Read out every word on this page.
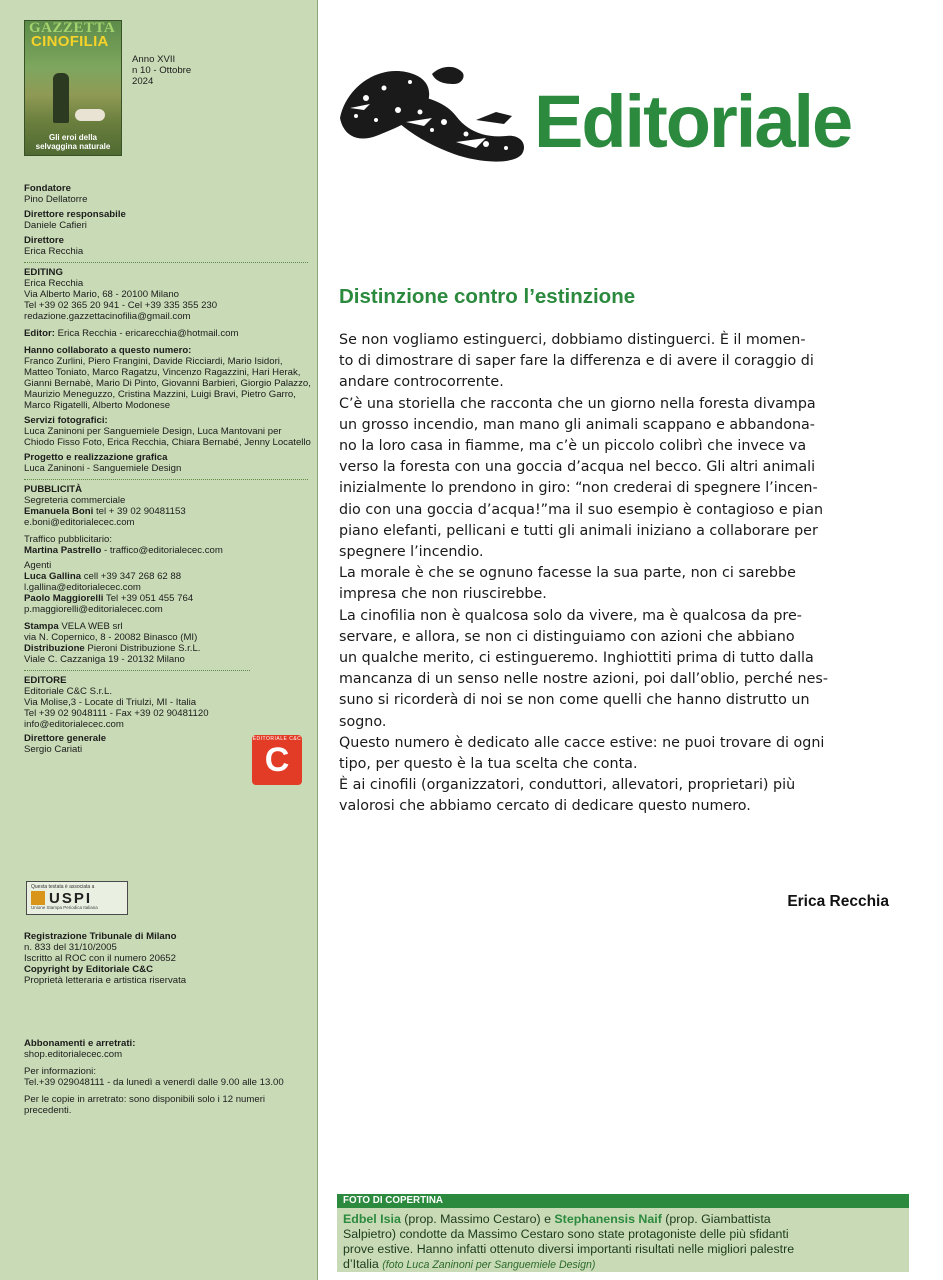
GAZZETTA
CINOFILIA
Gli eroi della
selvaggina naturale
Anno XVII
n 10 - Ottobre
2024
Fondatore
Pino Dellatorre
Direttore responsabile
Daniele Cafieri
Direttore
Erica Recchia
EDITING
Erica Recchia
Via Alberto Mario, 68 - 20100 Milano
Tel +39 02 365 20 941 - Cel +39 335 355 230
redazione.gazzettacinofilia@gmail.com
Editor: Erica Recchia - ericarecchia@hotmail.com
Hanno collaborato a questo numero:
Franco Zurlini, Piero Frangini, Davide Ricciardi, Mario Isidori,
Matteo Toniato, Marco Ragatzu, Vincenzo Ragazzini, Hari Herak,
Gianni Bernabè, Mario Di Pinto, Giovanni Barbieri, Giorgio Palazzo,
Maurizio Meneguzzo, Cristina Mazzini, Luigi Bravi, Pietro Garro,
Marco Rigatelli, Alberto Modonese
Servizi fotografici:
Luca Zaninoni per Sanguemiele Design, Luca Mantovani per
Chiodo Fisso Foto, Erica Recchia, Chiara Bernabé, Jenny Locatello
Progetto e realizzazione grafica
Luca Zaninoni - Sanguemiele Design
PUBBLICITÀ
Segreteria commerciale
Emanuela Boni tel + 39 02 90481153
e.boni@editorialecec.com
Traffico pubblicitario:
Martina Pastrello - traffico@editorialecec.com
Agenti
Luca Gallina cell +39 347 268 62 88
l.gallina@editorialecec.com
Paolo Maggiorelli Tel +39 051 455 764
p.maggiorelli@editorialecec.com
Stampa VELA WEB srl
via N. Copernico, 8 - 20082 Binasco (MI)
Distribuzione Pieroni Distribuzione S.r.L.
Viale C. Cazzaniga 19 - 20132 Milano
EDITORE
Editoriale C&C S.r.L.
Via Molise,3 - Locate di Triulzi, MI - Italia
Tel +39 02 9048111 - Fax +39 02 90481120
info@editorialecec.com
Direttore generale
Sergio Cariati
EDITORIALE C&C
C
Questa testata è associata a
USPI
Unione Stampa Periodica Italiana
Registrazione Tribunale di Milano
n. 833 del 31/10/2005
Iscritto al ROC con il numero 20652
Copyright by Editoriale C&C
Proprietà letteraria e artistica riservata
Abbonamenti e arretrati:
shop.editorialecec.com
Per informazioni:
Tel.+39 029048111 - da lunedì a venerdì dalle 9.00 alle 13.00
Per le copie in arretrato: sono disponibili solo i 12 numeri
precedenti.
Editoriale
Distinzione contro l’estinzione
Se non vogliamo estinguerci, dobbiamo distinguerci. È il momen-
to di dimostrare di saper fare la differenza e di avere il coraggio di
andare controcorrente.
C’è una storiella che racconta che un giorno nella foresta divampa
un grosso incendio, man mano gli animali scappano e abbandona-
no la loro casa in fiamme, ma c’è un piccolo colibrì che invece va
verso la foresta con una goccia d’acqua nel becco. Gli altri animali
inizialmente lo prendono in giro: “non crederai di spegnere l’incen-
dio con una goccia d’acqua!”ma il suo esempio è contagioso e pian
piano elefanti, pellicani e tutti gli animali iniziano a collaborare per
spegnere l’incendio.
La morale è che se ognuno facesse la sua parte, non ci sarebbe
impresa che non riuscirebbe.
La cinofilia non è qualcosa solo da vivere, ma è qualcosa da pre-
servare, e allora, se non ci distinguiamo con azioni che abbiano
un qualche merito, ci estingueremo. Inghiottiti prima di tutto dalla
mancanza di un senso nelle nostre azioni, poi dall’oblio, perché nes-
suno si ricorderà di noi se non come quelli che hanno distrutto un
sogno.
Questo numero è dedicato alle cacce estive: ne puoi trovare di ogni
tipo, per questo è la tua scelta che conta.
È ai cinofili (organizzatori, conduttori, allevatori, proprietari) più
valorosi che abbiamo cercato di dedicare questo numero.
Erica Recchia
FOTO DI COPERTINA
Edbel Isia (prop. Massimo Cestaro) e Stephanensis Naif (prop. Giambattista
Salpietro) condotte da Massimo Cestaro sono state protagoniste delle più sfidanti
prove estive. Hanno infatti ottenuto diversi importanti risultati nelle migliori palestre
d’Italia (foto Luca Zaninoni per Sanguemiele Design)
